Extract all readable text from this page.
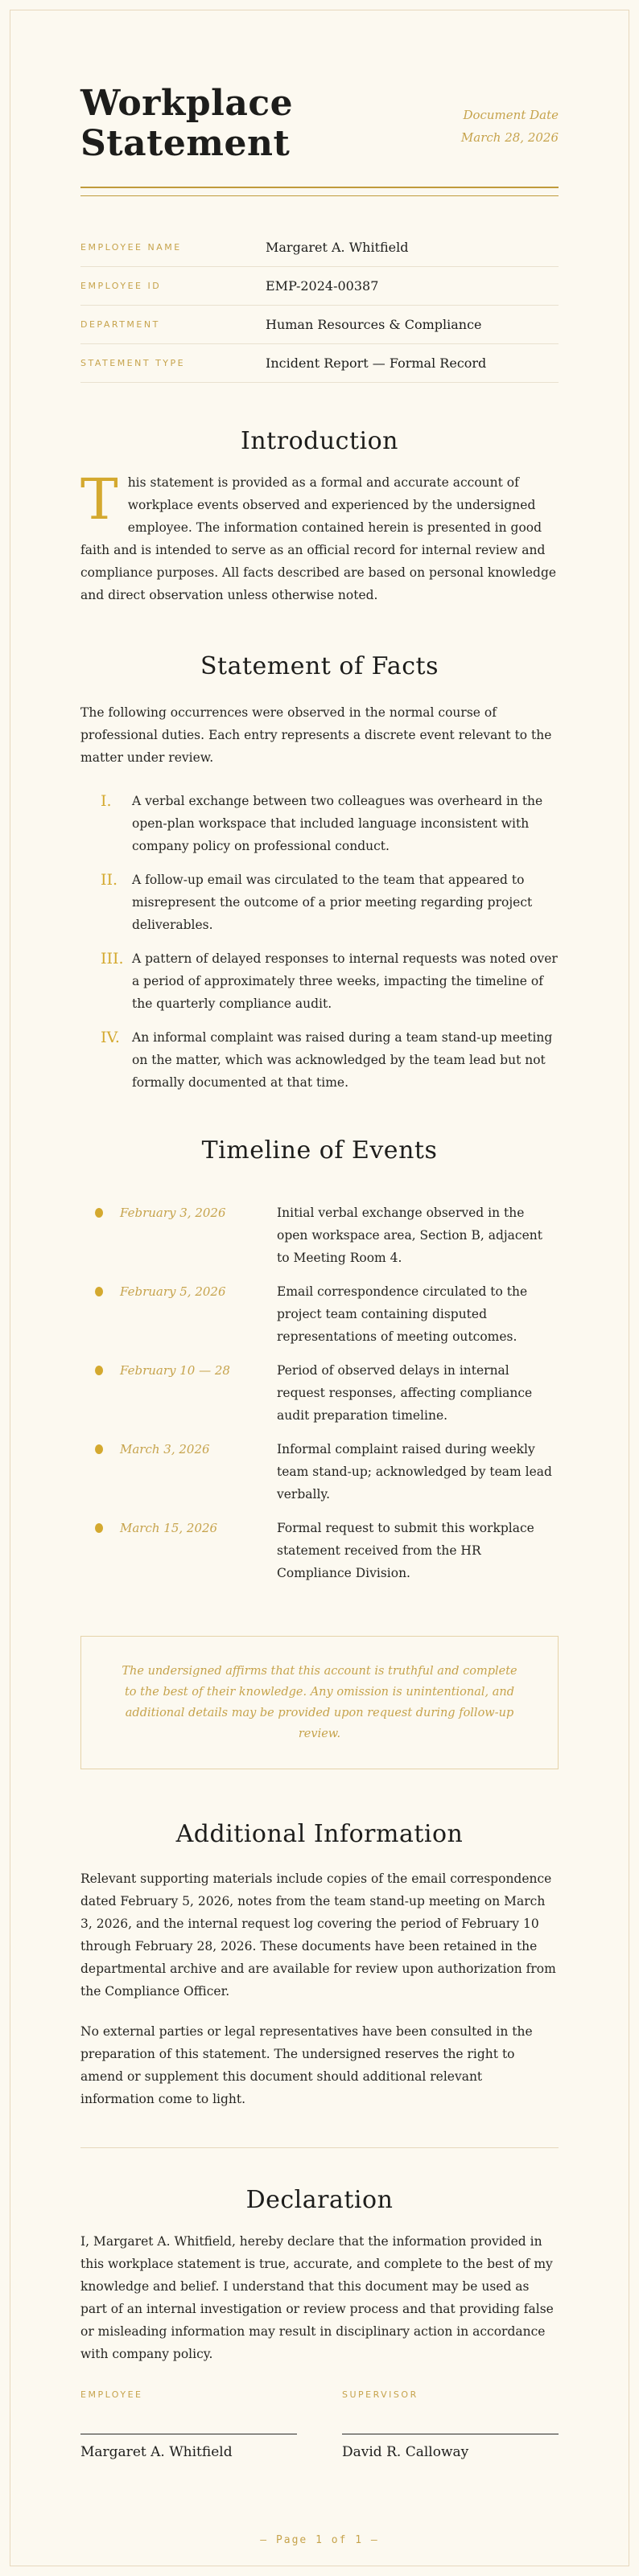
Workplace
Statement
Document Date
March 28, 2026
EMPLOYEE NAME	Margaret A. Whitfield
EMPLOYEE ID	EMP-2024-00387
DEPARTMENT	Human Resources & Compliance
STATEMENT TYPE	Incident Report — Formal Record
Introduction

This statement is provided as a formal and accurate account of workplace events observed and experienced by the undersigned employee. The information contained herein is presented in good faith and is intended to serve as an official record for internal review and compliance purposes. All facts described are based on personal knowledge and direct observation unless otherwise noted.

Statement of Facts

The following occurrences were observed in the normal course of professional duties. Each entry represents a discrete event relevant to the matter under review.

I.	A verbal exchange between two colleagues was overheard in the open-plan workspace that included language inconsistent with company policy on professional conduct.
II.	A follow-up email was circulated to the team that appeared to misrepresent the outcome of a prior meeting regarding project deliverables.
III. A pattern of delayed responses to internal requests was noted over a period of approximately three weeks, impacting the timeline of the quarterly compliance audit.
IV. An informal complaint was raised during a team stand-up meeting on the matter, which was acknowledged by the team lead but not formally documented at that time.
Timeline of Events
February 3, 2026	Initial verbal exchange observed in the open workspace area, Section B, adjacent to Meeting Room 4.
February 5, 2026	Email correspondence circulated to the project team containing disputed representations of meeting outcomes.
February 10 — 28	Period of observed delays in internal request responses, affecting compliance audit preparation timeline.
March 3, 2026	Informal complaint raised during weekly team stand-up; acknowledged by team lead verbally.
March 15, 2026	Formal request to submit this workplace statement received from the HR Compliance Division.

The undersigned affirms that this account is truthful and complete to the best of their knowledge. Any omission is unintentional, and additional details may be provided upon request during follow-up review.

Additional Information

Relevant supporting materials include copies of the email correspondence dated February 5, 2026, notes from the team stand-up meeting on March 3, 2026, and the internal request log covering the period of February 10 through February 28, 2026. These documents have been retained in the departmental archive and are available for review upon authorization from the Compliance Officer.

No external parties or legal representatives have been consulted in the preparation of this statement. The undersigned reserves the right to amend or supplement this document should additional relevant information come to light.

Declaration

I, Margaret A. Whitfield, hereby declare that the information provided in this workplace statement is true, accurate, and complete to the best of my knowledge and belief. I understand that this document may be used as part of an internal investigation or review process and that providing false or misleading information may result in disciplinary action in accordance with company policy.

EMPLOYEE
Margaret A. Whitfield
SUPERVISOR
David R. Calloway
— Page 1 of 1 —
